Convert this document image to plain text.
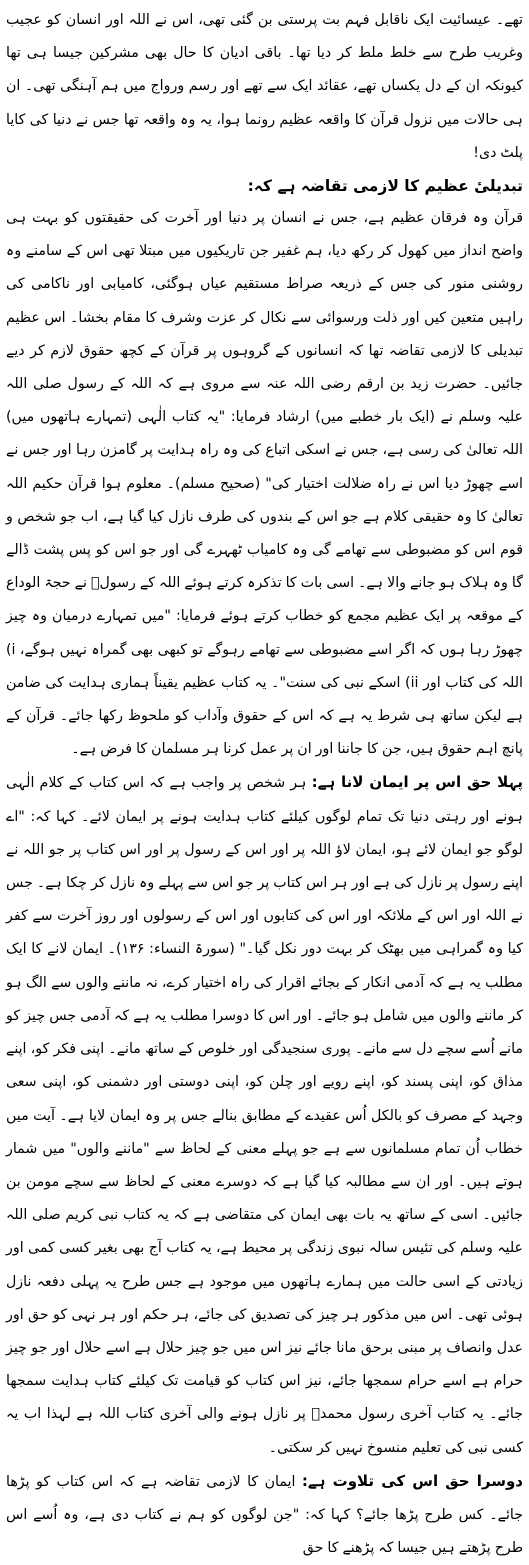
تھے۔ عیسائیت ایک ناقابل فہم بت پرستی بن گئی تھی، اس نے اللہ اور انسان کو عجیب وغریب طرح سے خلط ملط کر دیا تھا۔ باقی ادیان کا حال بھی مشرکین جیسا ہی تھا کیونکہ ان کے دل یکساں تھے، عقائد ایک سے تھے اور رسم ورواج میں ہم آہنگی تھی۔ ان ہی حالات میں نزول قرآن کا واقعہ عظیم رونما ہوا، یہ وہ واقعہ تھا جس نے دنیا کی کایا پلٹ دی!

تبدیلیٔ عظیم کا لازمی تقاضہ ہے کہ:

قرآن وہ فرقان عظیم ہے، جس نے انسان پر دنیا اور آخرت کی حقیقتوں کو بہت ہی واضح انداز میں کھول کر رکھ دیا، ہم غفیر جن تاریکیوں میں مبتلا تھی اس کے سامنے وہ روشنی منور کی جس کے ذریعہ صراط مستقیم عیاں ہوگئی، کامیابی اور ناکامی کی راہیں متعین کیں اور ذلت ورسوائی سے نکال کر عزت وشرف کا مقام بخشا۔ اس عظیم تبدیلی کا لازمی تقاضہ تھا کہ انسانوں کے گروہوں پر قرآن کے کچھ حقوق لازم کر دیے جائیں۔ حضرت زید بن ارقم رضی اللہ عنہ سے مروی ہے کہ اللہ کے رسول صلی اللہ علیہ وسلم نے (ایک بار خطبے میں) ارشاد فرمایا: "یہ کتاب الٰہی (تمہارے ہاتھوں میں) اللہ تعالیٰ کی رسی ہے، جس نے اسکی اتباع کی وہ راہ ہدایت پر گامزن رہا اور جس نے اسے چھوڑ دیا اس نے راہ ضلالت اختیار کی" (صحیح مسلم)۔ معلوم ہوا قرآن حکیم اللہ تعالیٰ کا وہ حقیقی کلام ہے جو اس کے بندوں کی طرف نازل کیا گیا ہے، اب جو شخص و قوم اس کو مضبوطی سے تھامے گی وہ کامیاب ٹھہرے گی اور جو اس کو پس پشت ڈالے گا وہ ہلاک ہو جانے والا ہے۔ اسی بات کا تذکرہ کرتے ہوئے اللہ کے رسولؐ نے حجۃ الوداع کے موقعہ پر ایک عظیم مجمع کو خطاب کرتے ہوئے فرمایا: "میں تمہارے درمیان وہ چیز چھوڑ رہا ہوں کہ اگر اسے مضبوطی سے تھامے رہوگے تو کبھی بھی گمراہ نہیں ہوگے، i) اللہ کی کتاب اور ii) اسکے نبی کی سنت"۔ یہ کتاب عظیم یقیناً ہماری ہدایت کی ضامن ہے لیکن ساتھ ہی شرط یہ ہے کہ اس کے حقوق وآداب کو ملحوظ رکھا جائے۔ قرآن کے پانچ اہم حقوق ہیں، جن کا جاننا اور ان پر عمل کرنا ہر مسلمان کا فرض ہے۔

پہلا حق اس پر ایمان لانا ہے: ہر شخص پر واجب ہے کہ اس کتاب کے کلام الٰہی ہونے اور رہتی دنیا تک تمام لوگوں کیلئے کتاب ہدایت ہونے پر ایمان لائے۔ کہا کہ: "اے لوگو جو ایمان لائے ہو، ایمان لاؤ اللہ پر اور اس کے رسول پر اور اس کتاب پر جو اللہ نے اپنے رسول پر نازل کی ہے اور ہر اس کتاب پر جو اس سے پہلے وہ نازل کر چکا ہے۔ جس نے اللہ اور اس کے ملائکہ اور اس کی کتابوں اور اس کے رسولوں اور روز آخرت سے کفر کیا وہ گمراہی میں بھٹک کر بہت دور نکل گیا۔" (سورۃ النساء: ۱۳۶)۔ ایمان لانے کا ایک مطلب یہ ہے کہ آدمی انکار کے بجائے اقرار کی راہ اختیار کرے، نہ ماننے والوں سے الگ ہو کر ماننے والوں میں شامل ہو جائے۔ اور اس کا دوسرا مطلب یہ ہے کہ آدمی جس چیز کو مانے اُسے سچے دل سے مانے۔ پوری سنجیدگی اور خلوص کے ساتھ مانے۔ اپنی فکر کو، اپنے مذاق کو، اپنی پسند کو، اپنے رویے اور چلن کو، اپنی دوستی اور دشمنی کو، اپنی سعی وجہد کے مصرف کو بالکل اُس عقیدے کے مطابق بنالے جس پر وہ ایمان لایا ہے۔ آیت میں خطاب اُن تمام مسلمانوں سے ہے جو پہلے معنی کے لحاظ سے "ماننے والوں" میں شمار ہوتے ہیں۔ اور ان سے مطالبہ کیا گیا ہے کہ دوسرے معنی کے لحاظ سے سچے مومن بن جائیں۔ اسی کے ساتھ یہ بات بھی ایمان کی متقاضی ہے کہ یہ کتاب نبی کریم صلی اللہ علیہ وسلم کی تئیس سالہ نبوی زندگی پر محیط ہے، یہ کتاب آج بھی بغیر کسی کمی اور زیادتی کے اسی حالت میں ہمارے ہاتھوں میں موجود ہے جس طرح یہ پہلی دفعہ نازل ہوئی تھی۔ اس میں مذکور ہر چیز کی تصدیق کی جائے، ہر حکم اور ہر نہی کو حق اور عدل وانصاف پر مبنی برحق مانا جائے نیز اس میں جو چیز حلال ہے اسے حلال اور جو چیز حرام ہے اسے حرام سمجھا جائے، نیز اس کتاب کو قیامت تک کیلئے کتاب ہدایت سمجھا جائے۔ یہ کتاب آخری رسول محمدؐ پر نازل ہونے والی آخری کتاب اللہ ہے لہذا اب یہ کسی نبی کی تعلیم منسوخ نہیں کر سکتی۔

دوسرا حق اس کی تلاوت ہے: ایمان کا لازمی تقاضہ ہے کہ اس کتاب کو پڑھا جائے۔ کس طرح پڑھا جائے؟ کہا کہ: "جن لوگوں کو ہم نے کتاب دی ہے، وہ اُسے اس طرح پڑھتے ہیں جیسا کہ پڑھنے کا حق
